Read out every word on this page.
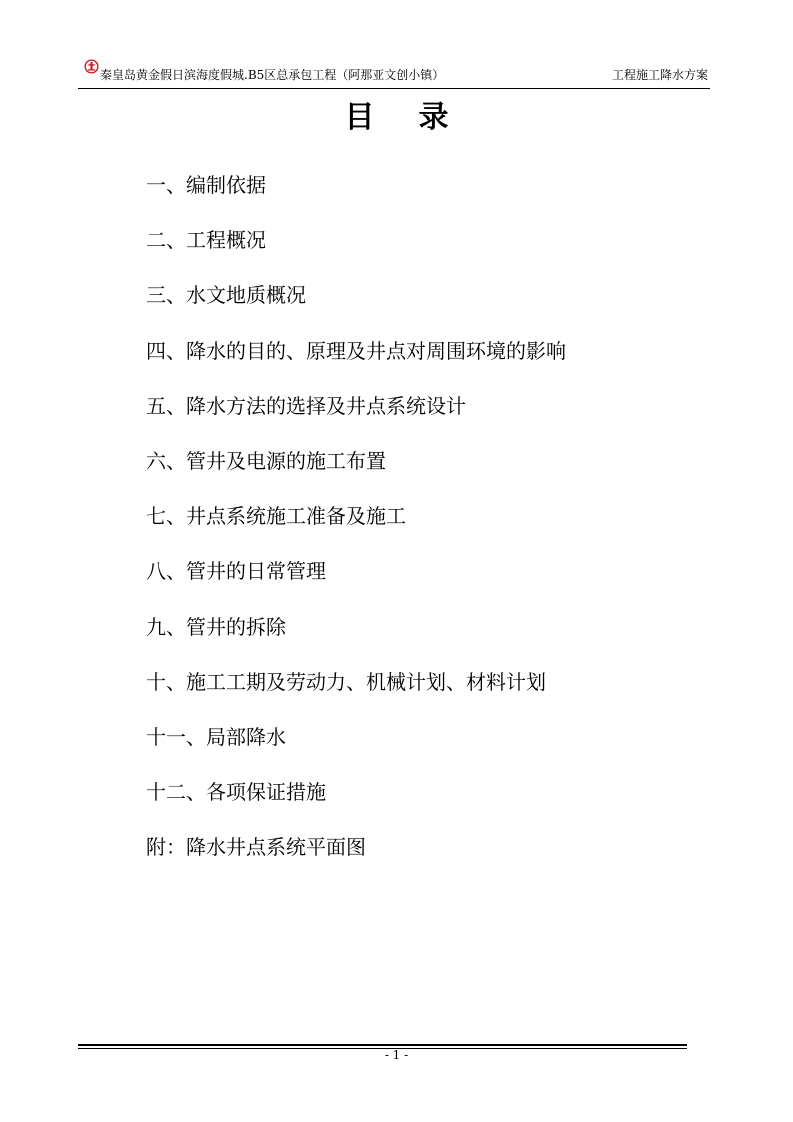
秦皇岛黄金假日滨海度假城.B5区总承包工程（阿那亚文创小镇）	工程施工降水方案
目录
一、编制依据
二、工程概况
三、水文地质概况
四、降水的目的、原理及井点对周围环境的影响
五、降水方法的选择及井点系统设计
六、管井及电源的施工布置
七、井点系统施工准备及施工
八、管井的日常管理
九、管井的拆除
十、施工工期及劳动力、机械计划、材料计划
十一、局部降水
十二、各项保证措施
附：降水井点系统平面图
- 1 -
